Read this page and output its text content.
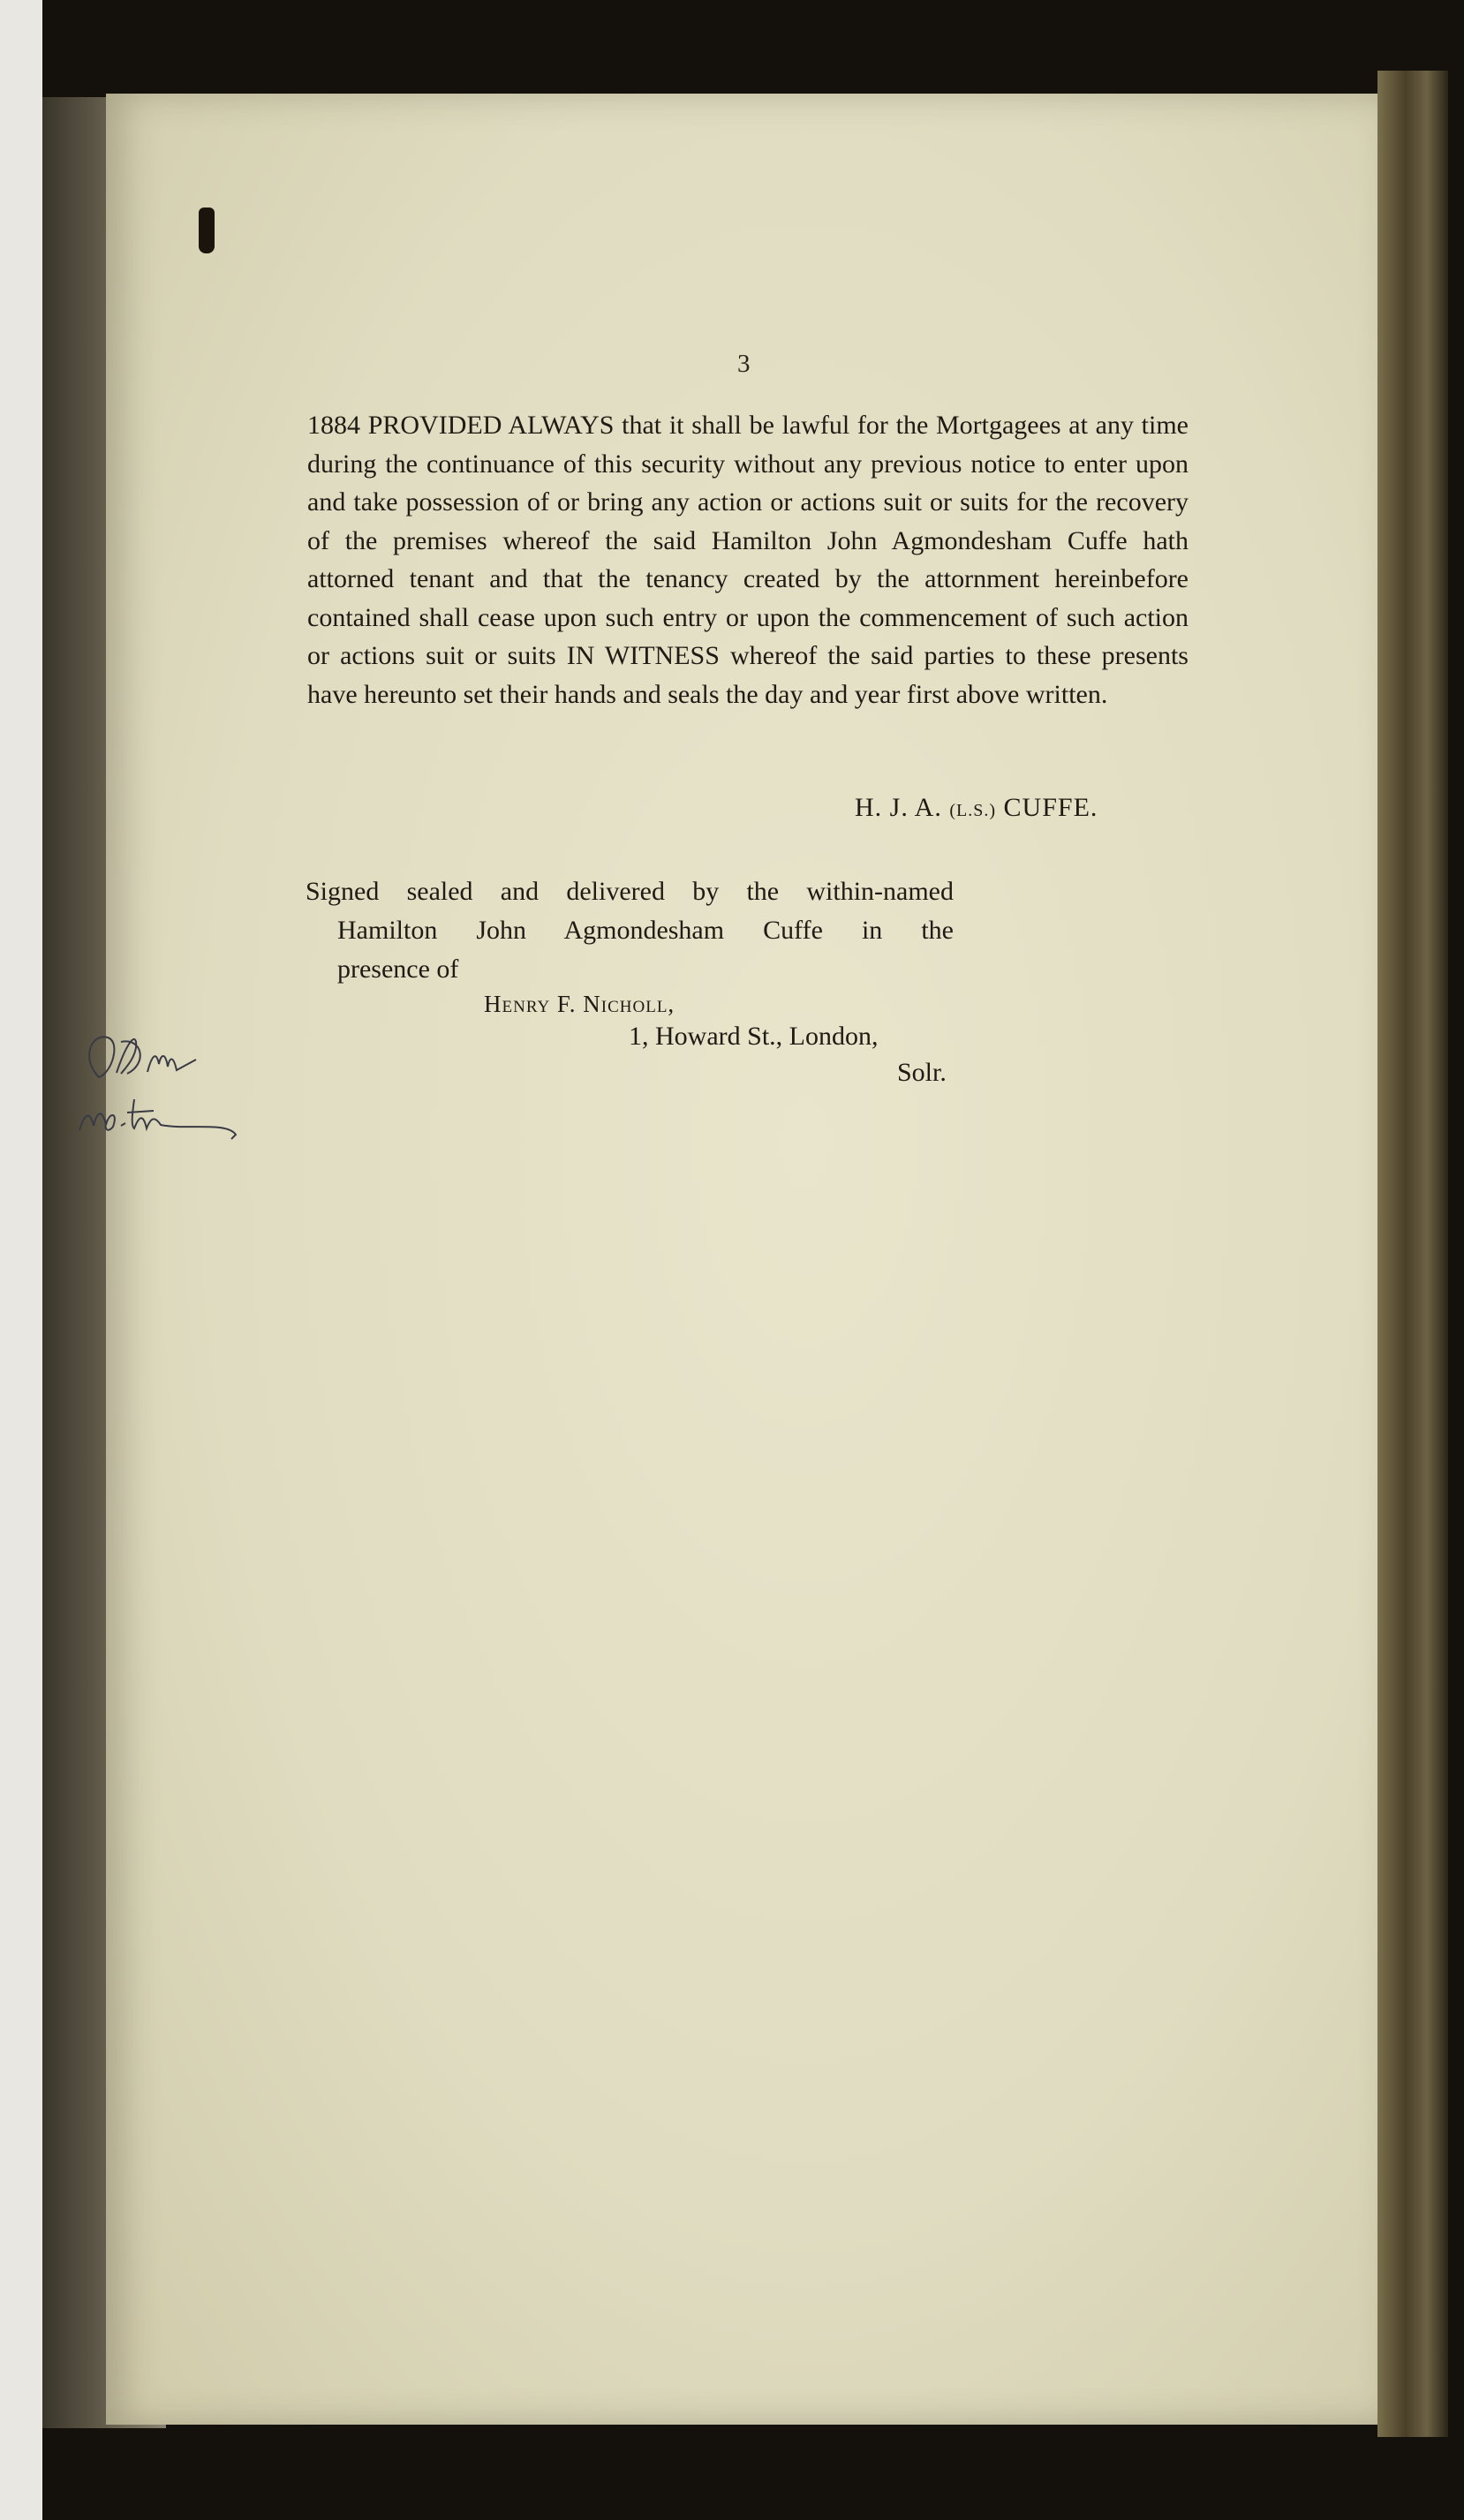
3
1884 PROVIDED ALWAYS that it shall be lawful for the Mortgagees at any time during the continuance of this security without any previous notice to enter upon and take possession of or bring any action or actions suit or suits for the recovery of the premises whereof the said Hamilton John Agmondesham Cuffe hath attorned tenant and that the tenancy created by the attornment hereinbefore contained shall cease upon such entry or upon the commencement of such action or actions suit or suits IN WITNESS whereof the said parties to these presents have hereunto set their hands and seals the day and year first above written.
H. J. A. (L.S.) CUFFE.
Signed sealed and delivered by the within-named
Hamilton John Agmondesham Cuffe in the
presence of
Henry F. Nicholl,
1, Howard St., London,
Solr.
